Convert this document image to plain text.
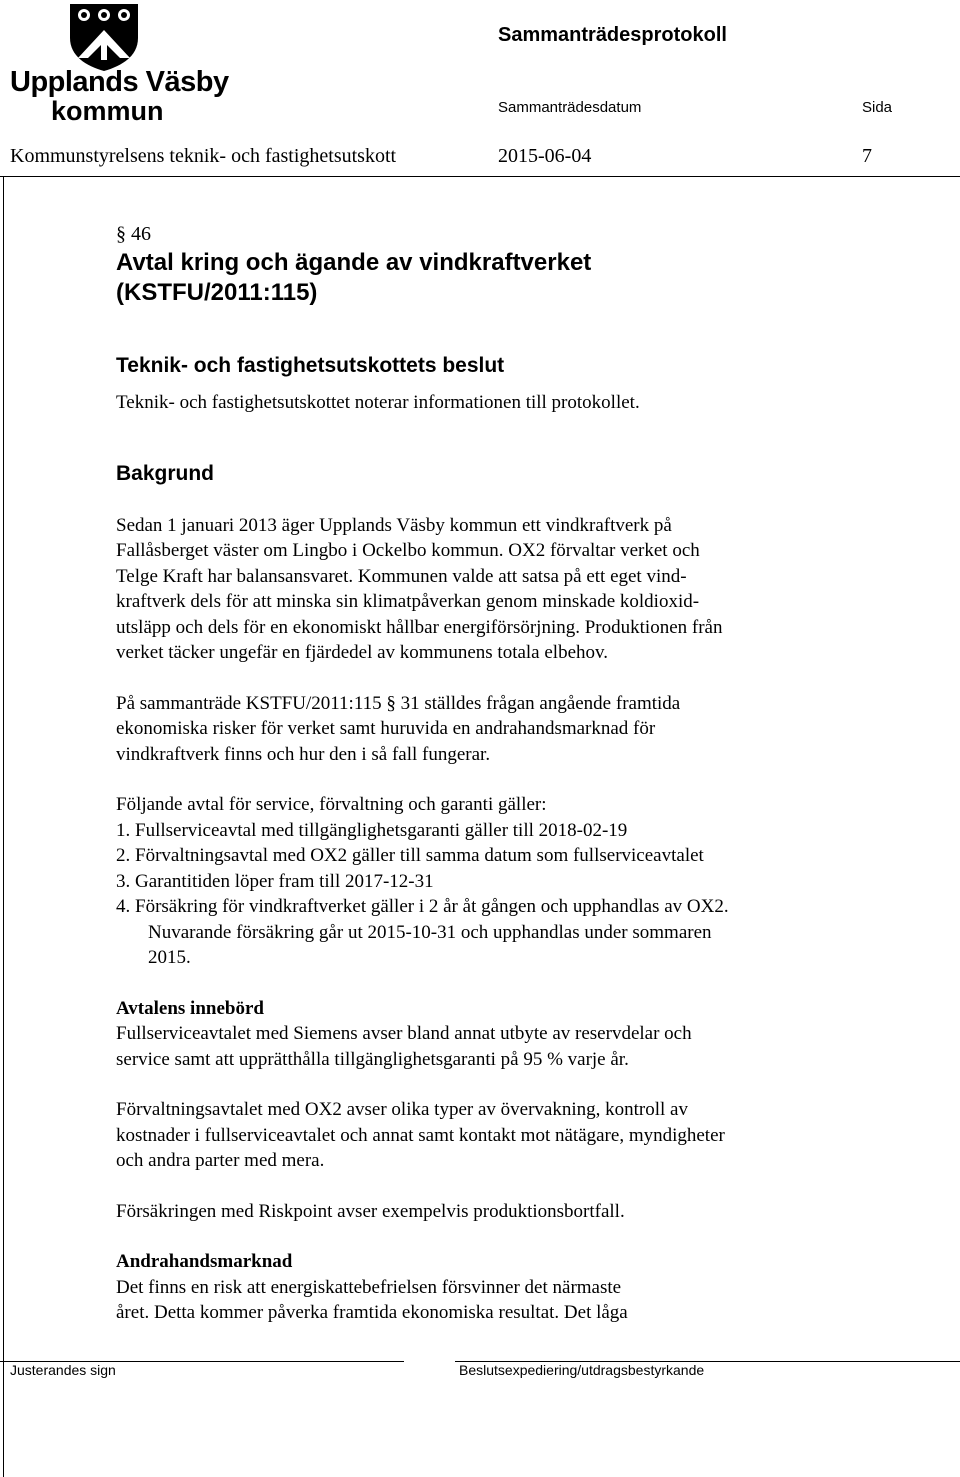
Upplands Väsby
kommun
Sammanträdesprotokoll
Sammanträdesdatum	Sida
Kommunstyrelsens teknik- och fastighetsutskott	2015-06-04	7

§ 46

Avtal kring och ägande av vindkraftverket

(KSTFU/2011:115)

Teknik- och fastighetsutskottets beslut

Teknik- och fastighetsutskottet noterar informationen till protokollet.

Bakgrund

Sedan 1 januari 2013 äger Upplands Väsby kommun ett vindkraftverk på
Fallåsberget väster om Lingbo i Ockelbo kommun. OX2 förvaltar verket och
Telge Kraft har balansansvaret. Kommunen valde att satsa på ett eget vind-
kraftverk dels för att minska sin klimatpåverkan genom minskade koldioxid-
utsläpp och dels för en ekonomiskt hållbar energiförsörjning. Produktionen från
verket täcker ungefär en fjärdedel av kommunens totala elbehov.

På sammanträde KSTFU/2011:115 § 31 ställdes frågan angående framtida
ekonomiska risker för verket samt huruvida en andrahandsmarknad för
vindkraftverk finns och hur den i så fall fungerar.

Följande avtal för service, förvaltning och garanti gäller:

1. Fullserviceavtal med tillgänglighetsgaranti gäller till 2018-02-19

2. Förvaltningsavtal med OX2 gäller till samma datum som fullserviceavtalet

3. Garantitiden löper fram till 2017-12-31

4. Försäkring för vindkraftverket gäller i 2 år åt gången och upphandlas av OX2.

Nuvarande försäkring går ut 2015-10-31 och upphandlas under sommaren

2015.

Avtalens innebörd

Fullserviceavtalet med Siemens avser bland annat utbyte av reservdelar och
service samt att upprätthålla tillgänglighetsgaranti på 95 % varje år.

Förvaltningsavtalet med OX2 avser olika typer av övervakning, kontroll av
kostnader i fullserviceavtalet och annat samt kontakt mot nätägare, myndigheter
och andra parter med mera.

Försäkringen med Riskpoint avser exempelvis produktionsbortfall.

Andrahandsmarknad

Det finns en risk att energiskattebefrielsen försvinner det närmaste
året. Detta kommer påverka framtida ekonomiska resultat. Det låga

Justerandes sign	Beslutsexpediering/utdragsbestyrkande
